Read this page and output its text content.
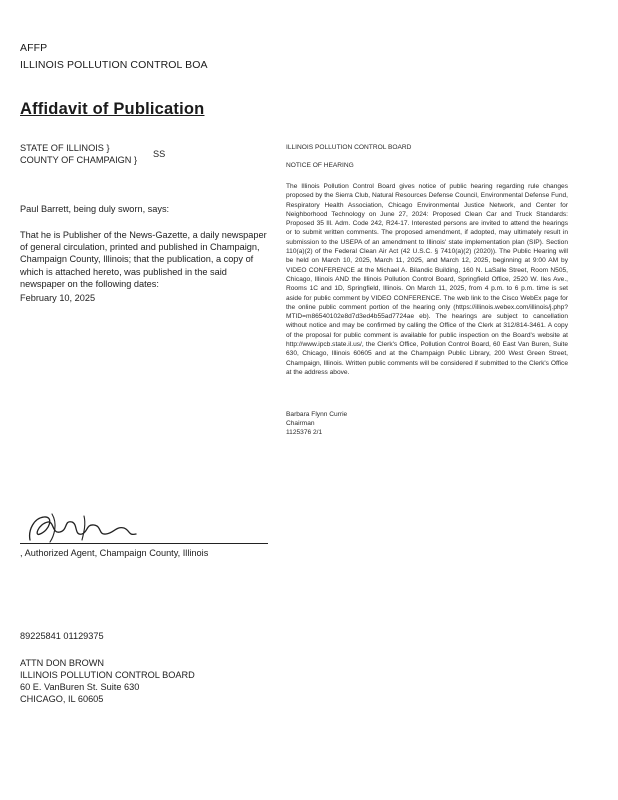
AFFP
ILLINOIS POLLUTION CONTROL BOA
Affidavit of Publication
STATE OF ILLINOIS }
COUNTY OF CHAMPAIGN }
SS
Paul Barrett, being duly sworn, says:
That he is Publisher of the News-Gazette, a daily newspaper of general circulation, printed and published in Champaign, Champaign County, Illinois; that the publication, a copy of which is attached hereto, was published in the said newspaper on the following dates:
February 10, 2025
, Authorized Agent, Champaign County, Illinois
89225841 01129375
ATTN DON BROWN
ILLINOIS POLLUTION CONTROL BOARD
60 E. VanBuren St. Suite 630
CHICAGO, IL 60605
ILLINOIS POLLUTION CONTROL BOARD
NOTICE OF HEARING
The Illinois Pollution Control Board gives notice of public hearing regarding rule changes proposed by the Sierra Club, Natural Resources Defense Council, Environmental Defense Fund, Respiratory Health Association, Chicago Environmental Justice Network, and Center for Neighborhood Technology on June 27, 2024: Proposed Clean Car and Truck Standards: Proposed 35 Ill. Adm. Code 242, R24-17. Interested persons are invited to attend the hearings or to submit written comments. The proposed amendment, if adopted, may ultimately result in submission to the USEPA of an amendment to Illinois' state implementation plan (SIP). Section 110(a)(2) of the Federal Clean Air Act (42 U.S.C. § 7410(a)(2) (2020)). The Public Hearing will be held on March 10, 2025, March 11, 2025, and March 12, 2025, beginning at 9:00 AM by VIDEO CONFERENCE at the Michael A. Bilandic Building, 160 N. LaSalle Street, Room N505, Chicago, Illinois AND the Illinois Pollution Control Board, Springfield Office, 2520 W. Iles Ave., Rooms 1C and 1D, Springfield, Illinois. On March 11, 2025, from 4 p.m. to 6 p.m. time is set aside for public comment by VIDEO CONFERENCE. The web link to the Cisco WebEx page for the online public comment portion of the hearing only (https://illinois.webex.com/illinois/j.php?MTID=m86540102e8d7d3ed4b55ad7724ae eb). The hearings are subject to cancellation without notice and may be confirmed by calling the Office of the Clerk at 312/814-3461. A copy of the proposal for public comment is available for public inspection on the Board's website at http://www.ipcb.state.il.us/, the Clerk's Office, Pollution Control Board, 60 East Van Buren, Suite 630, Chicago, Illinois 60605 and at the Champaign Public Library, 200 West Green Street, Champaign, Illinois. Written public comments will be considered if submitted to the Clerk's Office at the address above.
Barbara Flynn Currie
Chairman
1125376 2/1
